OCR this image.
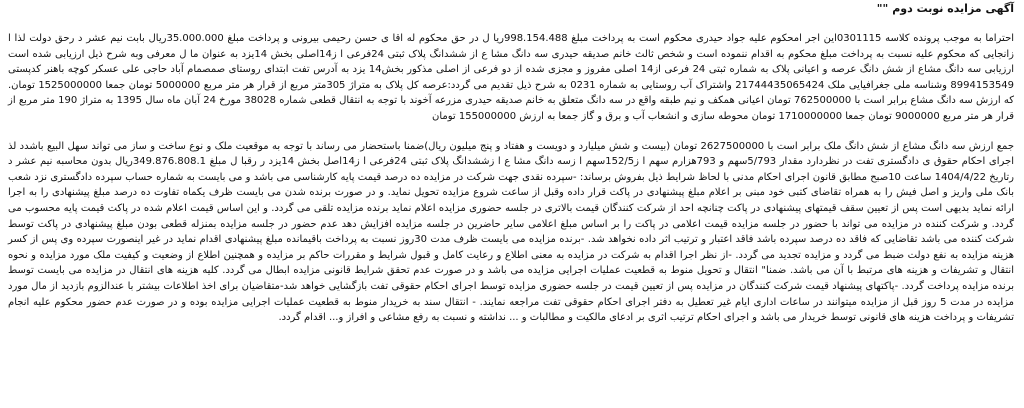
آگهی مزایده نوبت دوم""

احتراما به موجب پرونده کلاسه 0301115این اجر امحکوم علیه جواد حیدری محکوم است به پرداخت مبلغ 998.154.488ریا ل در حق محکوم له اقا ی حسن رحیمی بیرونی و پرداخت مبلغ 35.000.000ریال بابت نیم عشر د رحق دولت لذا ا زانجایی که محکوم علیه نسبت به پرداخت مبلغ محکوم به اقدام ننموده است و شخص ثالث خانم صدیقه حیدری سه دانگ مشا ع از ششدانگ پلاک ثبتی 24فرعی ا ز14اصلی بخش 14یزد به عنوان ما ل معرفی وبه شرح ذیل ارزیابی شده است ارزیابی سه دانگ مشاع از شش دانگ عرصه و اعیانی پلاک به شماره ثبتی 24 فرعی از14 اصلی مفروز و مجزی شده از دو فرعی از اصلی مذکور بخش14 یزد به آدرس تفت ابتدای روستای صمصمام آباد حاجی علی عسکر کوچه باهنر کدپستی 8994153549 وشناسه ملی جغرافیایی ملک 21744435065424 واشتراک آب روستایی به شماره 0231 به شرح ذیل تقدیم می گردد:عرصه کل پلاک به متراژ 305متر مربع از قرار هر متر مربع 5000000 تومان جمعا 1525000000 تومان. که ارزش سه دانگ مشاع برابر است با 762500000 تومان اعیانی همکف و نیم طبقه واقع در سه دانگ متعلق به خانم صدیقه حیدری مزرعه آخوند با توجه به انتقال قطعی شماره 38028 مورخ 24 آبان ماه سال 1395 به متراژ 190 متر مربع از قرار هر متر مربع 9000000 تومان جمعا 1710000000 تومان محوطه سازی و انشعاب آب و برق و گاز جمعا به ارزش 155000000 تومان

جمع ارزش سه دانگ مشاع از شش دانگ ملک برابر است با 2627500000 تومان (بیست و شش میلیارد و دویست و هفتاد و پنج میلیون ریال)ضمنا باستحضار می رساند با توجه به موقعیت ملک و نوع ساخت و ساز می تواند سهل البیع باشدد لذ اجرای احکام حقوق ی دادگستری تفت در نظردارد مقدار 5/793سهم و 793هزارم سهم ا ز152/5سهم ا زسه دانگ مشا ع ا زششدانگ پلاک ثبتی 24فرعی ا ز14اصل بخش 14یزد ر رقبا ل مبلغ 349.876.808.1ریال بدون محاسبه نیم عشر د رتاریخ 1404/4/22 ساعت 10صبح مطابق قانون اجرای احکام مدنی با لحاظ شرایط ذیل بفروش برساند: -سپرده نقدی جهت شرکت در مزایده ده درصد قیمت پایه کارشناسی می باشد و می بایست به شماره حساب سپرده دادگستری نزد شعب بانک ملی واریز و اصل فیش را به همراه تقاضای کتبی خود مبنی بر اعلام مبلغ پیشنهادی در پاکت قرار داده وقبل از ساعت شروع مزایده تحویل نماید. و در صورت برنده شدن می بایست ظرف یکماه تفاوت ده درصد مبلغ پیشنهادی را به اجرا ارائه نماید بدیهی است پس از تعیین سقف قیمتهای پیشنهادی در پاکت چنانچه احد از شرکت کنندگان قیمت بالاتری در جلسه حضوری مزایده اعلام نماید برنده مزایده تلقی می گردد. و این اساس قیمت اعلام شده در پاکت قیمت پایه محسوب می گردد. و شرکت کننده در مزایده می تواند با حضور در جلسه مزایده قیمت اعلامی در پاکت را بر اساس مبلغ اعلامی سایر حاضرین در جلسه مزایده افزایش دهد عدم حضور در جلسه مزایده بمنزله قطعی بودن مبلغ پیشنهادی در پاکت توسط شرکت کننده می باشد تقاضایی که فاقد ده درصد سپرده باشد فاقد اعتبار و ترتیب اثر داده نخواهد شد. -برنده مزایده می بایست ظرف مدت 30روز نسبت به پرداخت باقیمانده مبلغ پیشنهادی اقدام نماید در غیر اینصورت سپرده وی پس از کسر هزینه مزایده به نفع دولت ضبط می گردد و مزایده تجدید می گردد. -از نظر اجرا اقدام به شرکت در مزایده به معنی اطلاع و رعایت کامل و قبول شرایط و مقررات حاکم بر مزایده و همچنین اطلاع از وضعیت و کیفیت ملک مورد مزایده و نحوه انتقال و تشریفات و هزینه های مرتبط با آن می باشد. ضمنا" انتقال و تحویل منوط به قطعیت عملیات اجرایی مزایده می باشد و در صورت عدم تحقق شرایط قانونی مزایده ابطال می گردد. کلیه هزینه های انتقال در مزایده می بایست توسط برنده مزایده پرداخت گردد. -پاکتهای پیشنهاد قیمت شرکت کنندگان در مزایده پس از تعیین قیمت در جلسه حضوری مزایده توسط اجرای احکام حقوقی تفت بازگشایی خواهد شد-متقاضیان برای اخذ اطلاعات بیشتر با عندالزوم بازدید از مال مورد مزایده در مدت 5 روز قبل از مزایده میتوانند در ساعات اداری ایام غیر تعطیل به دفتر اجرای احکام حقوقی تفت مراجعه نمایند. - انتقال سند به خریدار منوط به قطعیت عملیات اجرایی مزایده بوده و در صورت عدم حضور محکوم علیه انجام تشریفات و پرداخت هزینه های قانونی توسط خریدار می باشد و اجرای احکام ترتیب اثری بر ادعای مالکیت و مطالبات و ... نداشته و نسبت به رفع مشاعی و افراز و... اقدام گردد.
